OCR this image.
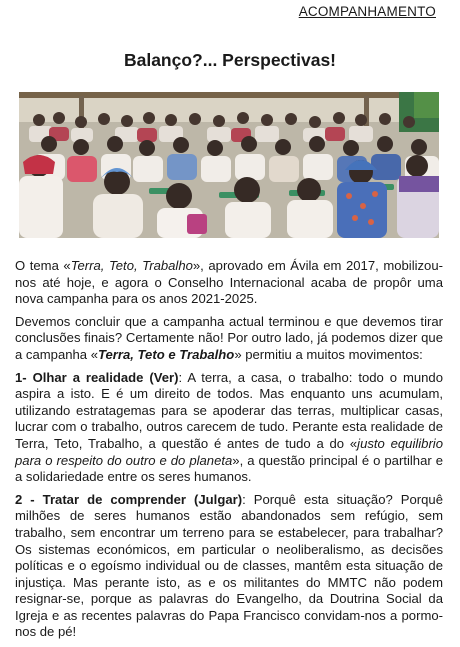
ACOMPANHAMENTO
Balanço?... Perspectivas!

O tema «Terra, Teto, Trabalho», aprovado em Ávila em 2017, mobilizou-nos até hoje, e agora o Conselho Internacional acaba de propôr uma nova campanha para os anos 2021-2025.

Devemos concluir que a campanha actual terminou e que devemos tirar conclusões finais? Certamente não! Por outro lado, já podemos dizer que a campanha «Terra, Teto e Trabalho» permitiu a muitos movimentos:

1- Olhar a realidade (Ver): A terra, a casa, o trabalho: todo o mundo aspira a isto. E é um direito de todos. Mas enquanto uns acumulam, utilizando estratagemas para se apoderar das terras, multiplicar casas, lucrar com o trabalho, outros carecem de tudo. Perante esta realidade de Terra, Teto, Trabalho, a questão é antes de tudo a do «justo equilibrio para o respeito do outro e do planeta», a questão principal é o partilhar e a solidariedade entre os seres humanos.

2 - Tratar de comprender (Julgar): Porquê esta situação? Porquê milhões de seres humanos estão abandonados sem refúgio, sem trabalho, sem encontrar um terreno para se estabelecer, para trabalhar? Os sistemas económicos, em particular o neoliberalismo, as decisões políticas e o egoísmo individual ou de classes, mantêm esta situação de injustiça. Mas perante isto, as e os militantes do MMTC não podem resignar-se, porque as palavras do Evangelho, da Doutrina Social da Igreja e as recentes palavras do Papa Francisco convidam-nos a pormo-nos de pé!
